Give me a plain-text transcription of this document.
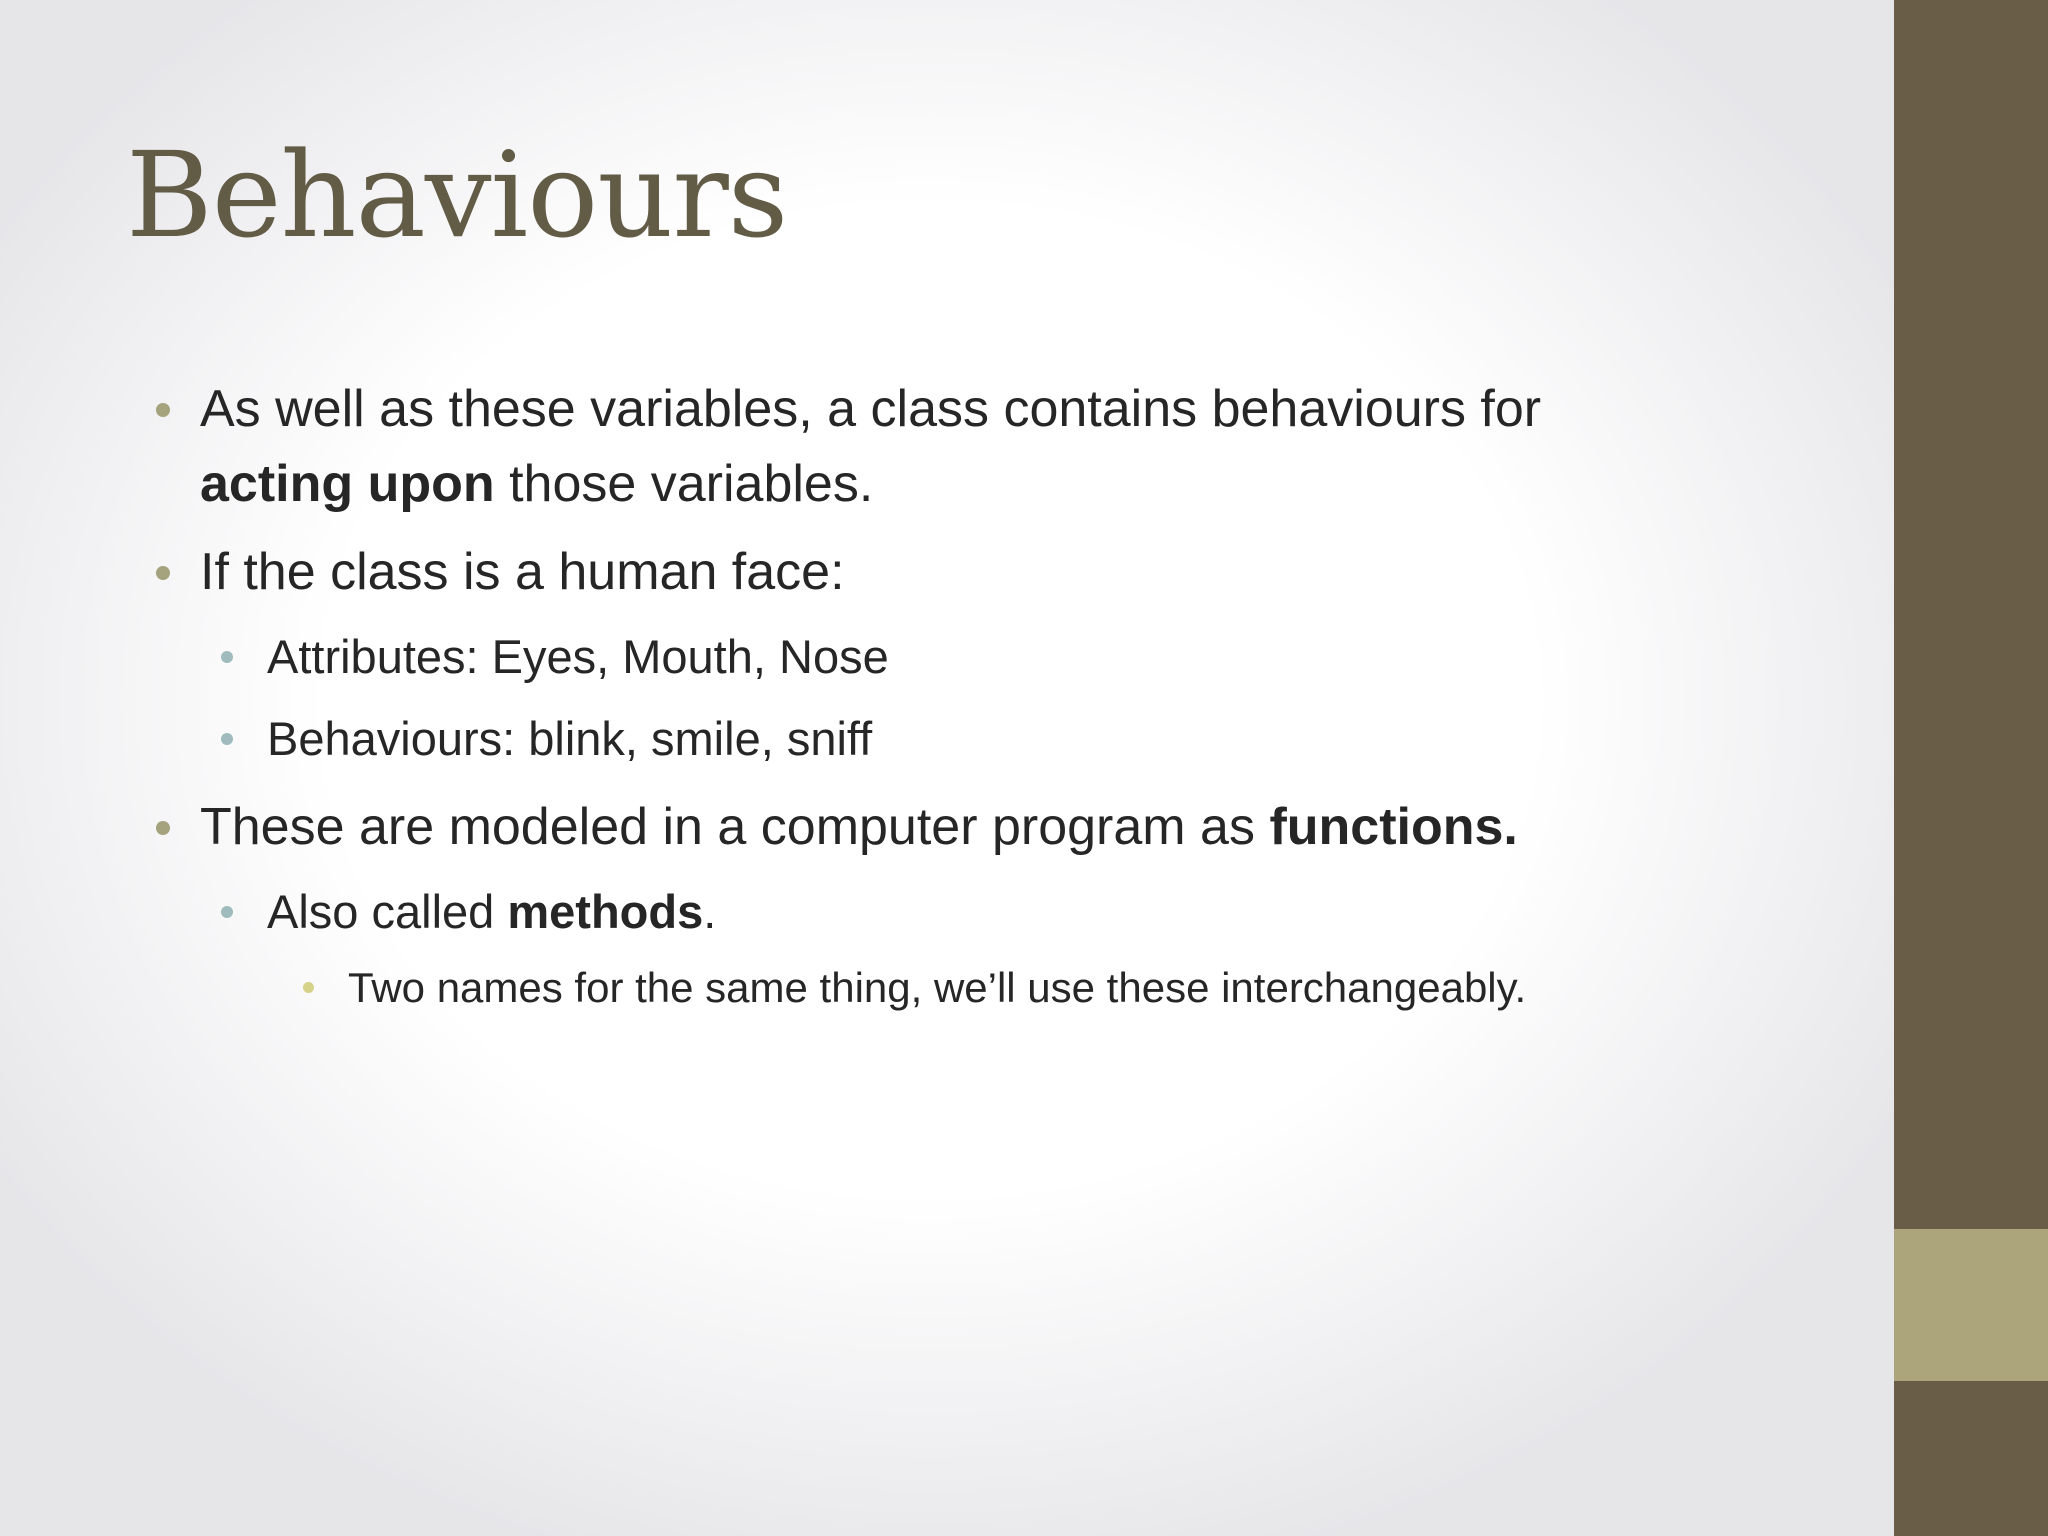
Behaviours
As well as these variables, a class contains behaviours for
acting upon those variables.
If the class is a human face:
Attributes: Eyes, Mouth, Nose
Behaviours: blink, smile, sniff
These are modeled in a computer program as functions.
Also called methods.
Two names for the same thing, we’ll use these interchangeably.
